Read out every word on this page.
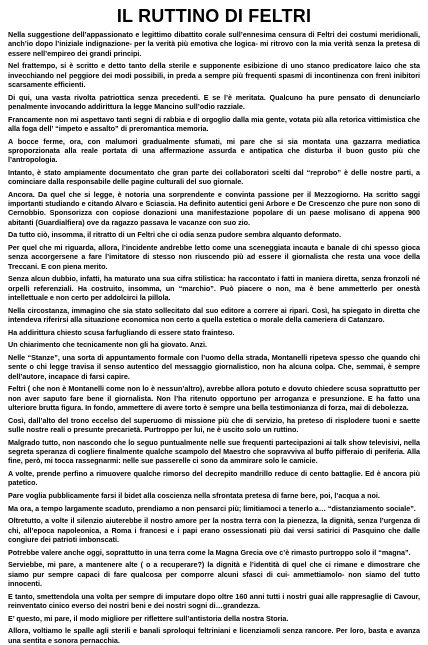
IL RUTTINO DI FELTRI

Nella suggestione dell’appassionato e legittimo dibattito corale sull’ennesima censura di Feltri dei costumi meridionali, anch’io dopo l’iniziale indignazione- per la verità più emotiva che logica- mi ritrovo con la mia verità senza la pretesa di essere nell’empireo dei grandi principi.

Nel frattempo, si è scritto e detto tanto della sterile e supponente esibizione di uno stanco predicatore laico che sta invecchiando nel peggiore dei modi possibili, in preda a sempre più frequenti spasmi di incontinenza con frenì inibitori scarsamente efficienti.

Di qui, una vasta rivolta patriottica senza precedenti. E se l’è meritata. Qualcuno ha pure pensato di denunciarlo penalmente invocando addirittura la legge Mancino sull’odio razziale.

Francamente non mi aspettavo tanti segni di rabbia e di orgoglio dalla mia gente, votata più alla retorica vittimistica che alla foga dell’ “impeto e assalto” di preromantica memoria.

A bocce ferme, ora, con malumori gradualmente sfumati, mi pare che si sia montata una gazzarra mediatica sproporzionata alla reale portata di una affermazione assurda e antipatica che disturba il buon gusto più che l’antropologia.

Intanto, è stato ampiamente documentato che gran parte dei collaboratori scelti dal “reprobo” è delle nostre parti, a cominciare dalla responsabile delle pagine culturali del suo giornale.

Ancora. Da quel che si legge, è notoria una sorprendente e convinta passione per il Mezzogiorno. Ha scritto saggi importanti studiando e citando Alvaro e Sciascia. Ha definito autentici geni Arbore e De Crescenzo che pure non sono di Cernobbio. Sponsorizza con copiose donazioni una manifestazione popolare di un paese molisano di appena 900 abitanti (Guardialfiera) ove da ragazzo passava le vacanze con suo zio.

Da tutto ciò, insomma, il ritratto di un Feltri che ci odia senza pudore sembra alquanto deformato.

Per quel che mi riguarda, allora, l’incidente andrebbe letto come una sceneggiata incauta e banale di chi spesso gioca senza accorgersene a fare l’imitatore di stesso non riuscendo più ad essere il giornalista che resta una voce della Treccani. E con piena merito.

Senza alcun dubbio, infatti, ha maturato una sua cifra stilistica: ha raccontato i fatti in maniera diretta, senza fronzoli né orpelli referenziali. Ha costruito, insomma, un “marchio”. Può piacere o non, ma è bene ammetterlo per onestà intellettuale e non certo per addolcirci la pillola.

Nella circostanza, immagino che sia stato sollecitato dal suo editore a correre ai ripari. Così, ha spiegato in diretta che intendeva riferirsi alla situazione economica non certo a quella estetica o morale della cameriera di Catanzaro.

Ha addirittura chiesto scusa farfugliando di essere stato frainteso.

Un chiarimento che tecnicamente non gli ha giovato. Anzi.

Nelle “Stanze”, una sorta di appuntamento formale con l’uomo della strada, Montanelli ripeteva spesso che quando chi sente o chi legge travisa il senso autentico del messaggio giornalistico, non ha alcuna colpa. Che, semmai, è sempre dell’autore, incapace di farsi capire.

Feltri ( che non è Montanelli come non lo è nessun’altro), avrebbe allora potuto e dovuto chiedere scusa soprattutto per non aver saputo fare bene il giornalista. Non l’ha ritenuto opportuno per arroganza e presunzione. E ha fatto una ulteriore brutta figura. In fondo, ammettere di avere torto è sempre una bella testimonianza di forza, mai di debolezza.

Così, dall’alto del trono eccelso del superuomo di missione più che di servizio, ha preteso di risplodere tuoni e saette sulle nostre reali o presunte precarietà. Purtroppo per lui, ne è uscito solo un ruttino.

Malgrado tutto, non nascondo che lo seguo puntualmente nelle sue frequenti partecipazioni ai talk show televisivi, nella segreta speranza di cogliere finalmente qualche scampolo del Maestro che sopravviva al buffo pifferaio di periferia. Alla fine, però, mi tocca rassegnarmi: nelle sue passerelle ci sono da ammirare solo le camicie.

A volte, prende perfino a rimuovere qualche rimorso del decrepito mandrillo reduce di cento battaglie. Ed è ancora più patetico.

Pare voglia pubblicamente farsi il bidet alla coscienza nella sfrontata pretesa di farne bere, poi, l’acqua a noi.

Ma ora, a tempo largamente scaduto, prendiamo a non pensarci più; limitiamoci a tenerlo a… “distanziamento sociale”.

Oltretutto, a volte il silenzio aiuterebbe il nostro amore per la nostra terra con la pienezza, la dignità, senza l’urgenza di chi, all’epoca napoleonica, a Roma i francesi e i papi erano ossessionati più dai versi satirici di Pasquino che dalle congiure dei patrioti imbonscati.

Potrebbe valere anche oggi, soprattutto in una terra come la Magna Grecia ove c’è rimasto purtroppo solo il “magna”.

Serviebbe, mi pare, a mantenere alte ( o a recuperare?) la dignità e l’identità di quel che ci rimane e dimostrare che siamo pur sempre capaci di fare qualcosa per comporre alcuni sfasci di cui- ammettiamolo- non siamo del tutto innocenti.

E tanto, smettendola una volta per sempre di imputare dopo oltre 160 anni tutti i nostri guai alle rappresaglie di Cavour, reinventato cinico everso dei nostri beni e dei nostri sogni di…grandezza.

E’ questo, mi pare, il modo migliore per riflettere sull’antistoria della nostra Storia.

Allora, voltiamo le spalle agli sterili e banali sproloqui feltriniani e licenziamoli senza rancore. Per loro, basta e avanza una sentita e sonora pernacchia.
